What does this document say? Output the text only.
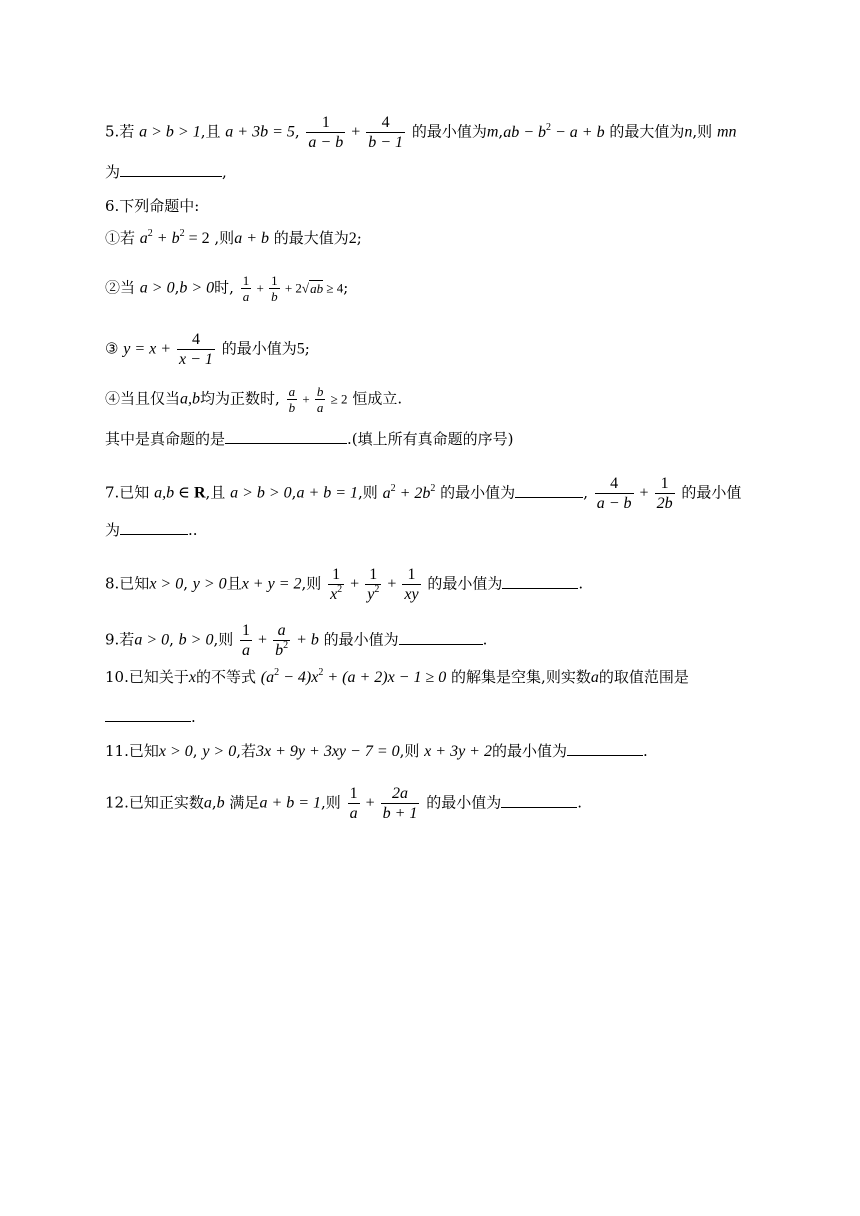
5.若 a > b > 1,且 a + 3b = 5, $\frac{1}{a - b} + \frac{4}{b - 1}$ 的最小值为$m,ab - b^2 - a + b$ 的最大值为n,则 mn
为	,
6.下列命题中:
①若 $a^2 + b^2 = 2$ ,则a + b 的最大值为2;
②当 a > 0,b > 0时, $\frac{1}{a} + \frac{1}{b} + 2√ab \ge 4$;
③ $y = x + \frac{4}{x - 1}$ 的最小值为5;
④当且仅当a,b均为正数时, $\frac{a}{b} + \frac{b}{a} \ge 2$ 恒成立.
其中是真命题的是	.(填上所有真命题的序号)
7.已知 a,b ∈ R,且 a > b > 0,a + b = 1,则 $a^2 + 2b^2$ 的最小值为	, $\frac{4}{a - b} + \frac{1}{2b}$ 的最小值
为	..
8.已知x > 0, y > 0且x + y = 2,则 $\frac{1}{x^2} + \frac{1}{y^2} + \frac{1}{xy}$ 的最小值为	.
9.若a > 0, b > 0,则 $\frac{1}{a} + \frac{a}{b^2} + b$ 的最小值为	.
10.已知关于x的不等式 $(a^2 - 4)x^2 + (a + 2)x - 1 \ge 0$ 的解集是空集,则实数a的取值范围是
.
11.已知x > 0, y > 0,若3x + 9y + 3xy − 7 = 0,则 x + 3y + 2的最小值为	.
12.已知正实数a,b 满足a + b = 1,则 $\frac{1}{a} + \frac{2a}{b + 1}$ 的最小值为	.
